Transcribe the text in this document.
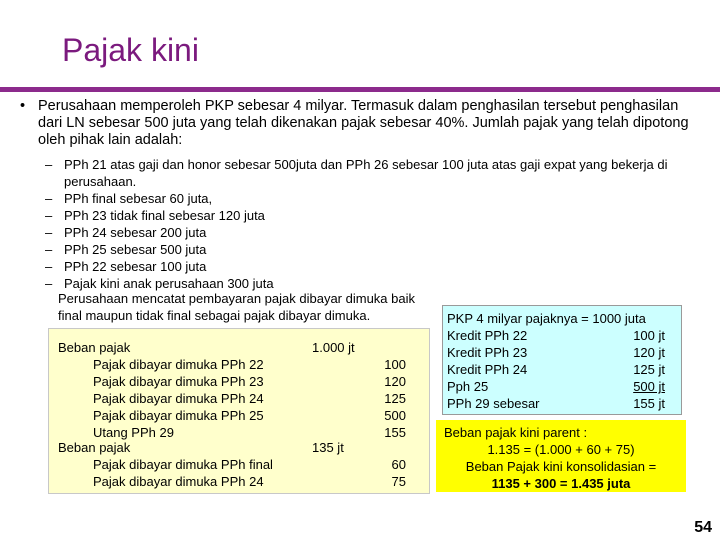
Pajak kini
• Perusahaan memperoleh PKP sebesar 4 milyar. Termasuk dalam penghasilan tersebut penghasilan dari LN sebesar 500 juta yang telah dikenakan pajak sebesar 40%. Jumlah pajak yang telah dipotong oleh pihak lain adalah:
– PPh 21 atas gaji dan honor sebesar 500juta dan PPh 26 sebesar 100 juta atas gaji expat yang bekerja di perusahaan.
– PPh final sebesar 60 juta,
– PPh 23 tidak final sebesar 120 juta
– PPh 24 sebesar 200 juta
– PPh 25 sebesar 500 juta
– PPh 22 sebesar 100 juta
– Pajak kini anak perusahaan 300 juta
Perusahaan mencatat pembayaran pajak dibayar dimuka baik final maupun tidak final sebagai pajak dibayar dimuka.
Beban pajak	1.000 jt
Pajak dibayar dimuka PPh 22	100
Pajak dibayar dimuka PPh 23	120
Pajak dibayar dimuka PPh 24	125
Pajak dibayar dimuka PPh 25	500
Utang PPh 29	155
Beban pajak	135 jt
Pajak dibayar dimuka PPh final	60
Pajak dibayar dimuka PPh 24	75
PKP 4 milyar pajaknya = 1000 juta
Kredit PPh 22	100 jt
Kredit PPh 23	120 jt
Kredit PPh 24	125 jt
Pph 25	500 jt
PPh 29 sebesar	155 jt
Beban pajak kini parent :
1.135 = (1.000 + 60 + 75)
Beban Pajak kini konsolidasian =
1135 + 300 = 1.435 juta
54
